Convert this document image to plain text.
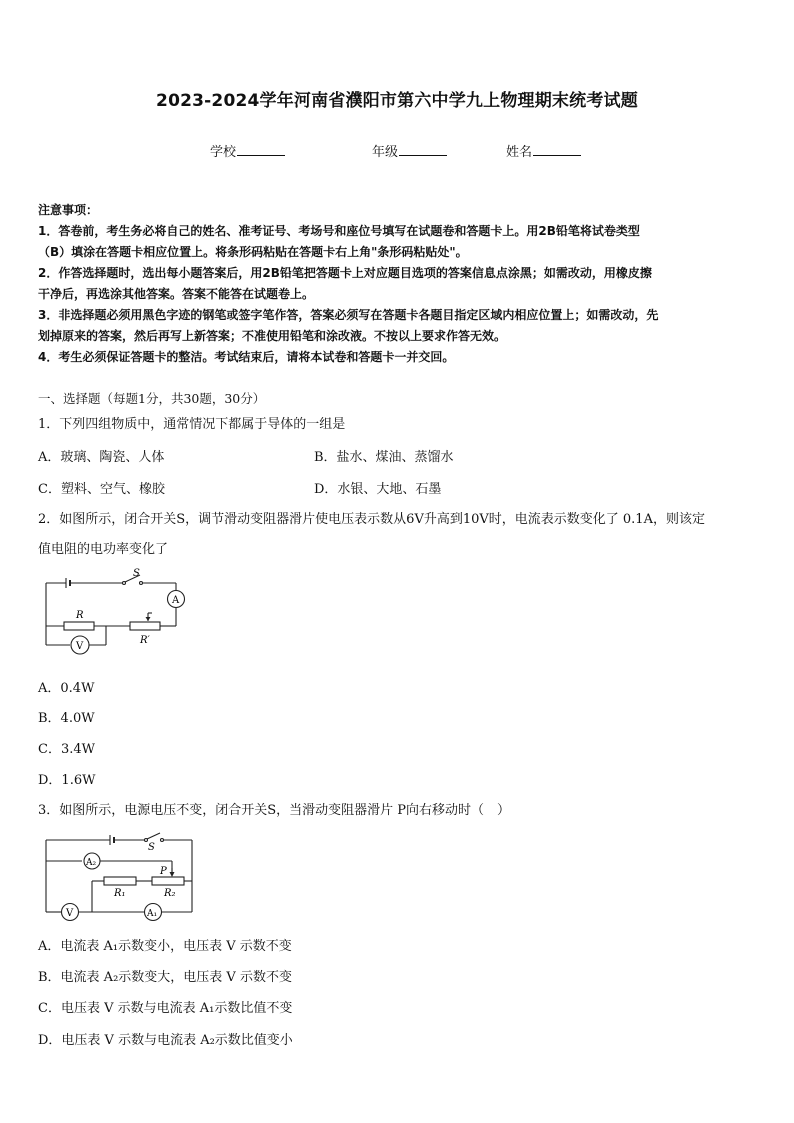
2023-2024学年河南省濮阳市第六中学九上物理期末统考试题
学校	年级	姓名
注意事项：
1．答卷前，考生务必将自己的姓名、准考证号、考场号和座位号填写在试题卷和答题卡上。用2B铅笔将试卷类型
（B）填涂在答题卡相应位置上。将条形码粘贴在答题卡右上角"条形码粘贴处"。
2．作答选择题时，选出每小题答案后，用2B铅笔把答题卡上对应题目选项的答案信息点涂黑；如需改动，用橡皮擦
干净后，再选涂其他答案。答案不能答在试题卷上。
3．非选择题必须用黑色字迹的钢笔或签字笔作答，答案必须写在答题卡各题目指定区域内相应位置上；如需改动，先
划掉原来的答案，然后再写上新答案；不准使用铅笔和涂改液。不按以上要求作答无效。
4．考生必须保证答题卡的整洁。考试结束后，请将本试卷和答题卡一并交回。
一、选择题（每题1分，共30题，30分）
1．下列四组物质中，通常情况下都属于导体的一组是
A．玻璃、陶瓷、人体	B．盐水、煤油、蒸馏水
C．塑料、空气、橡胶	D．水银、大地、石墨
2．如图所示，闭合开关S，调节滑动变阻器滑片使电压表示数从6V升高到10V时，电流表示数变化了 0.1A，则该定
值电阻的电功率变化了
S
A
R
R′
V
A．0.4W
B．4.0W
C．3.4W
D．1.6W
3．如图所示，电源电压不变，闭合开关S，当滑动变阻器滑片 P向右移动时（　）
S
A₂
P
R₁	R₂
V	A₁
A．电流表 A₁示数变小，电压表 V 示数不变
B．电流表 A₂示数变大，电压表 V 示数不变
C．电压表 V 示数与电流表 A₁示数比值不变
D．电压表 V 示数与电流表 A₂示数比值变小
